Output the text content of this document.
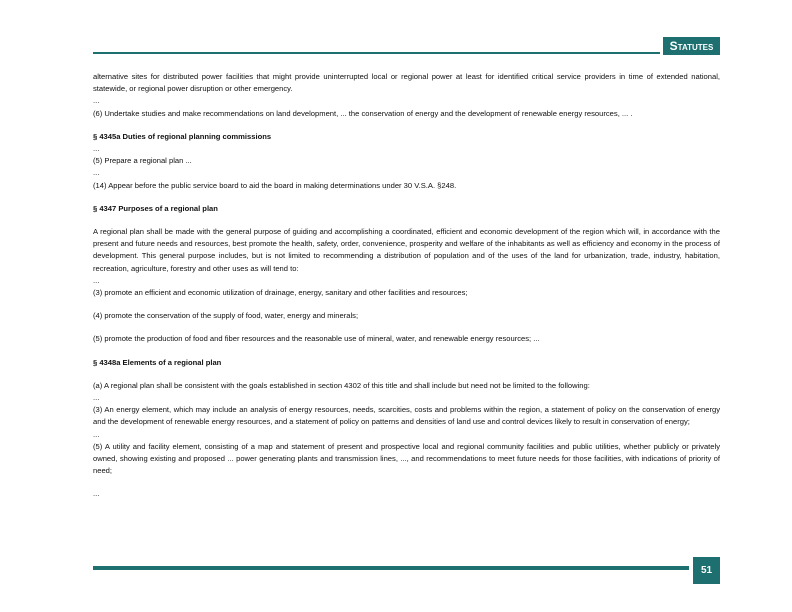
Statutes

alternative sites for distributed power facilities that might provide uninterrupted local or regional power at least for identified critical service providers in time of extended national, statewide, or regional power disruption or other emergency.

...

(6) Undertake studies and make recommendations on land development, ... the conservation of energy and the development of renewable energy resources, ... .

§ 4345a Duties of regional planning commissions

...

(5) Prepare a regional plan ...

...

(14) Appear before the public service board to aid the board in making determinations under 30 V.S.A. §248.

§ 4347 Purposes of a regional plan

A regional plan shall be made with the general purpose of guiding and accomplishing a coordinated, efficient and economic development of the region which will, in accordance with the present and future needs and resources, best promote the health, safety, order, convenience, prosperity and welfare of the inhabitants as well as efficiency and economy in the process of development. This general purpose includes, but is not limited to recommending a distribution of population and of the uses of the land for urbanization, trade, industry, habitation, recreation, agriculture, forestry and other uses as will tend to:

...

(3) promote an efficient and economic utilization of drainage, energy, sanitary and other facilities and resources;

(4) promote the conservation of the supply of food, water, energy and minerals;

(5) promote the production of food and fiber resources and the reasonable use of mineral, water, and renewable energy resources; ...

§ 4348a Elements of a regional plan

(a) A regional plan shall be consistent with the goals established in section 4302 of this title and shall include but need not be limited to the following:

...

(3) An energy element, which may include an analysis of energy resources, needs, scarcities, costs and problems within the region, a statement of policy on the conservation of energy and the development of renewable energy resources, and a statement of policy on patterns and densities of land use and control devices likely to result in conservation of energy;

...

(5) A utility and facility element, consisting of a map and statement of present and prospective local and regional community facilities and public utilities, whether publicly or privately owned, showing existing and proposed ... power generating plants and transmission lines, ..., and recommendations to meet future needs for those facilities, with indications of priority of need;

...

51
